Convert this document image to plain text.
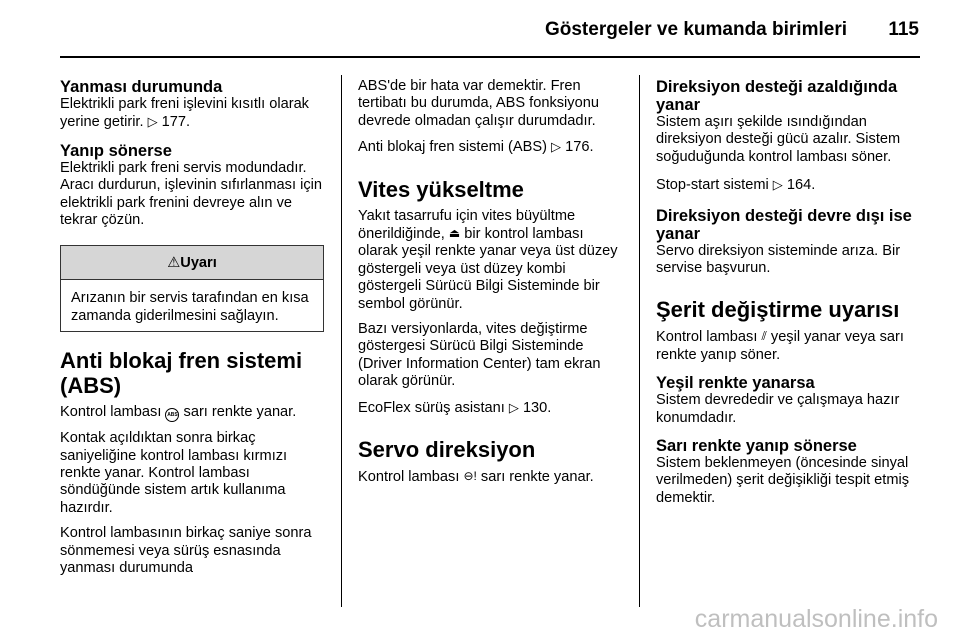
Göstergeler ve kumanda birimleri 115
Yanması durumunda

Elektrikli park freni işlevini kısıtlı olarak yerine getirir. ▷ 177.

Yanıp sönerse

Elektrikli park freni servis modundadır. Aracı durdurun, işlevinin sıfırlanması için elektrikli park frenini devreye alın ve tekrar çözün.

⚠Uyarı

Arızanın bir servis tarafından en kısa zamanda giderilmesini sağlayın.

Anti blokaj fren sistemi (ABS)

Kontrol lambası ABS sarı renkte yanar.

Kontak açıldıktan sonra birkaç saniyeliğine kontrol lambası kırmızı renkte yanar. Kontrol lambası söndüğünde sistem artık kullanıma hazırdır.

Kontrol lambasının birkaç saniye sonra sönmemesi veya sürüş esnasında yanması durumunda

ABS'de bir hata var demektir. Fren tertibatı bu durumda, ABS fonksiyonu devrede olmadan çalışır durumdadır.

Anti blokaj fren sistemi (ABS) ▷ 176.

Vites yükseltme

Yakıt tasarrufu için vites büyültme önerildiğinde, ⏏ bir kontrol lambası olarak yeşil renkte yanar veya üst düzey göstergeli veya üst düzey kombi göstergeli Sürücü Bilgi Sisteminde bir sembol görünür.

Bazı versiyonlarda, vites değiştirme göstergesi Sürücü Bilgi Sisteminde (Driver Information Center) tam ekran olarak görünür.

EcoFlex sürüş asistanı ▷ 130.

Servo direksiyon

Kontrol lambası ⊖! sarı renkte yanar.

Direksiyon desteği azaldığında yanar

Sistem aşırı şekilde ısındığından direksiyon desteği gücü azalır. Sistem soğuduğunda kontrol lambası söner.

Stop-start sistemi ▷ 164.

Direksiyon desteği devre dışı ise yanar

Servo direksiyon sisteminde arıza. Bir servise başvurun.

Şerit değiştirme uyarısı

Kontrol lambası ⫽ yeşil yanar veya sarı renkte yanıp söner.

Yeşil renkte yanarsa

Sistem devrededir ve çalışmaya hazır konumdadır.

Sarı renkte yanıp sönerse

Sistem beklenmeyen (öncesinde sinyal verilmeden) şerit değişikliği tespit etmiş demektir.

carmanualsonline.info
